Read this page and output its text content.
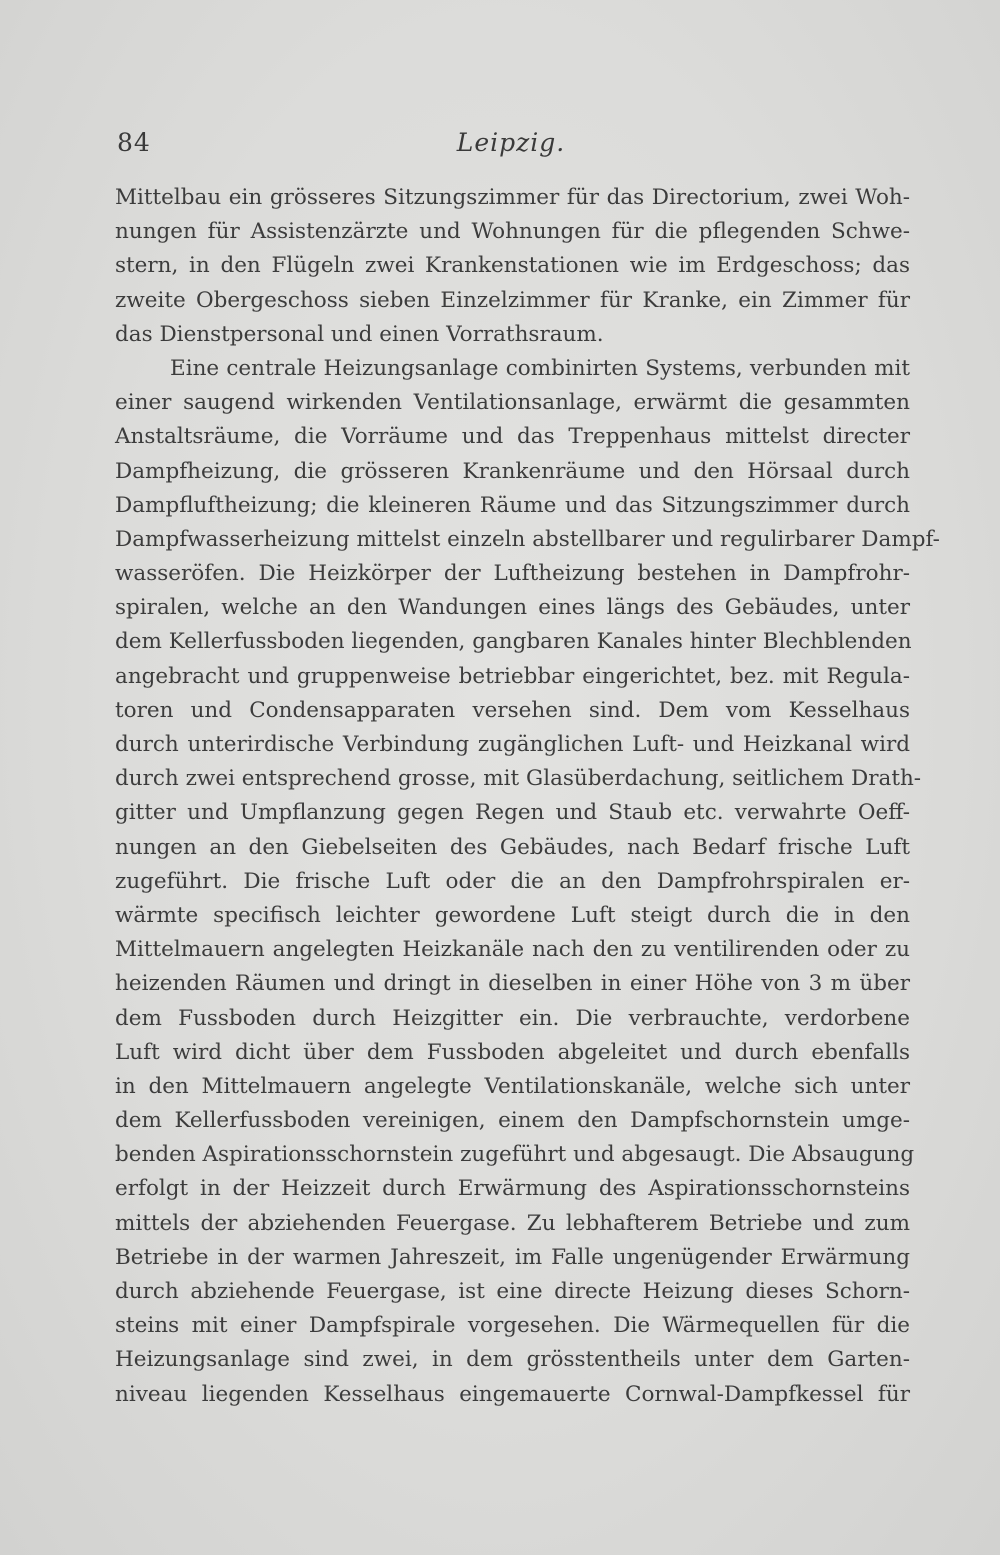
84	Leipzig.
Mittelbau ein grösseres Sitzungszimmer für das Directorium, zwei Woh-
nungen für Assistenzärzte und Wohnungen für die pflegenden Schwe-
stern, in den Flügeln zwei Krankenstationen wie im Erdgeschoss; das
zweite Obergeschoss sieben Einzelzimmer für Kranke, ein Zimmer für
das Dienstpersonal und einen Vorrathsraum.
Eine centrale Heizungsanlage combinirten Systems, verbunden mit
einer saugend wirkenden Ventilationsanlage, erwärmt die gesammten
Anstaltsräume, die Vorräume und das Treppenhaus mittelst directer
Dampfheizung, die grösseren Krankenräume und den Hörsaal durch
Dampfluftheizung; die kleineren Räume und das Sitzungszimmer durch
Dampfwasserheizung mittelst einzeln abstellbarer und regulirbarer Dampf-
wasseröfen. Die Heizkörper der Luftheizung bestehen in Dampfrohr-
spiralen, welche an den Wandungen eines längs des Gebäudes, unter
dem Kellerfussboden liegenden, gangbaren Kanales hinter Blechblenden
angebracht und gruppenweise betriebbar eingerichtet, bez. mit Regula-
toren und Condensapparaten versehen sind. Dem vom Kesselhaus
durch unterirdische Verbindung zugänglichen Luft- und Heizkanal wird
durch zwei entsprechend grosse, mit Glasüberdachung, seitlichem Drath-
gitter und Umpflanzung gegen Regen und Staub etc. verwahrte Oeff-
nungen an den Giebelseiten des Gebäudes, nach Bedarf frische Luft
zugeführt. Die frische Luft oder die an den Dampfrohrspiralen er-
wärmte specifisch leichter gewordene Luft steigt durch die in den
Mittelmauern angelegten Heizkanäle nach den zu ventilirenden oder zu
heizenden Räumen und dringt in dieselben in einer Höhe von 3 m über
dem Fussboden durch Heizgitter ein. Die verbrauchte, verdorbene
Luft wird dicht über dem Fussboden abgeleitet und durch ebenfalls
in den Mittelmauern angelegte Ventilationskanäle, welche sich unter
dem Kellerfussboden vereinigen, einem den Dampfschornstein umge-
benden Aspirationsschornstein zugeführt und abgesaugt. Die Absaugung
erfolgt in der Heizzeit durch Erwärmung des Aspirationsschornsteins
mittels der abziehenden Feuergase. Zu lebhafterem Betriebe und zum
Betriebe in der warmen Jahreszeit, im Falle ungenügender Erwärmung
durch abziehende Feuergase, ist eine directe Heizung dieses Schorn-
steins mit einer Dampfspirale vorgesehen. Die Wärmequellen für die
Heizungsanlage sind zwei, in dem grösstentheils unter dem Garten-
niveau liegenden Kesselhaus eingemauerte Cornwal-Dampfkessel für
